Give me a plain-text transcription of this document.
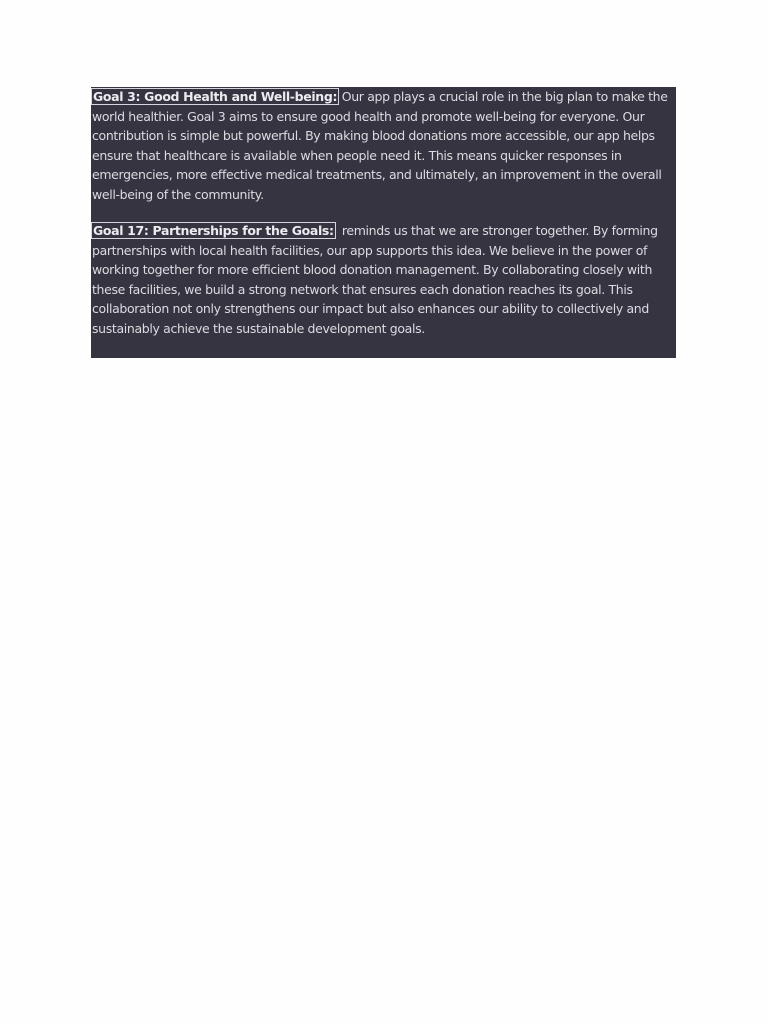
Goal 3: Good Health and Well-being: Our app plays a crucial role in the big plan to make the world healthier. Goal 3 aims to ensure good health and promote well-being for everyone. Our contribution is simple but powerful. By making blood donations more accessible, our app helps ensure that healthcare is available when people need it. This means quicker responses in emergencies, more effective medical treatments, and ultimately, an improvement in the overall well-being of the community.

Goal 17: Partnerships for the Goals:  reminds us that we are stronger together. By forming partnerships with local health facilities, our app supports this idea. We believe in the power of working together for more efficient blood donation management. By collaborating closely with these facilities, we build a strong network that ensures each donation reaches its goal. This collaboration not only strengthens our impact but also enhances our ability to collectively and sustainably achieve the sustainable development goals.
